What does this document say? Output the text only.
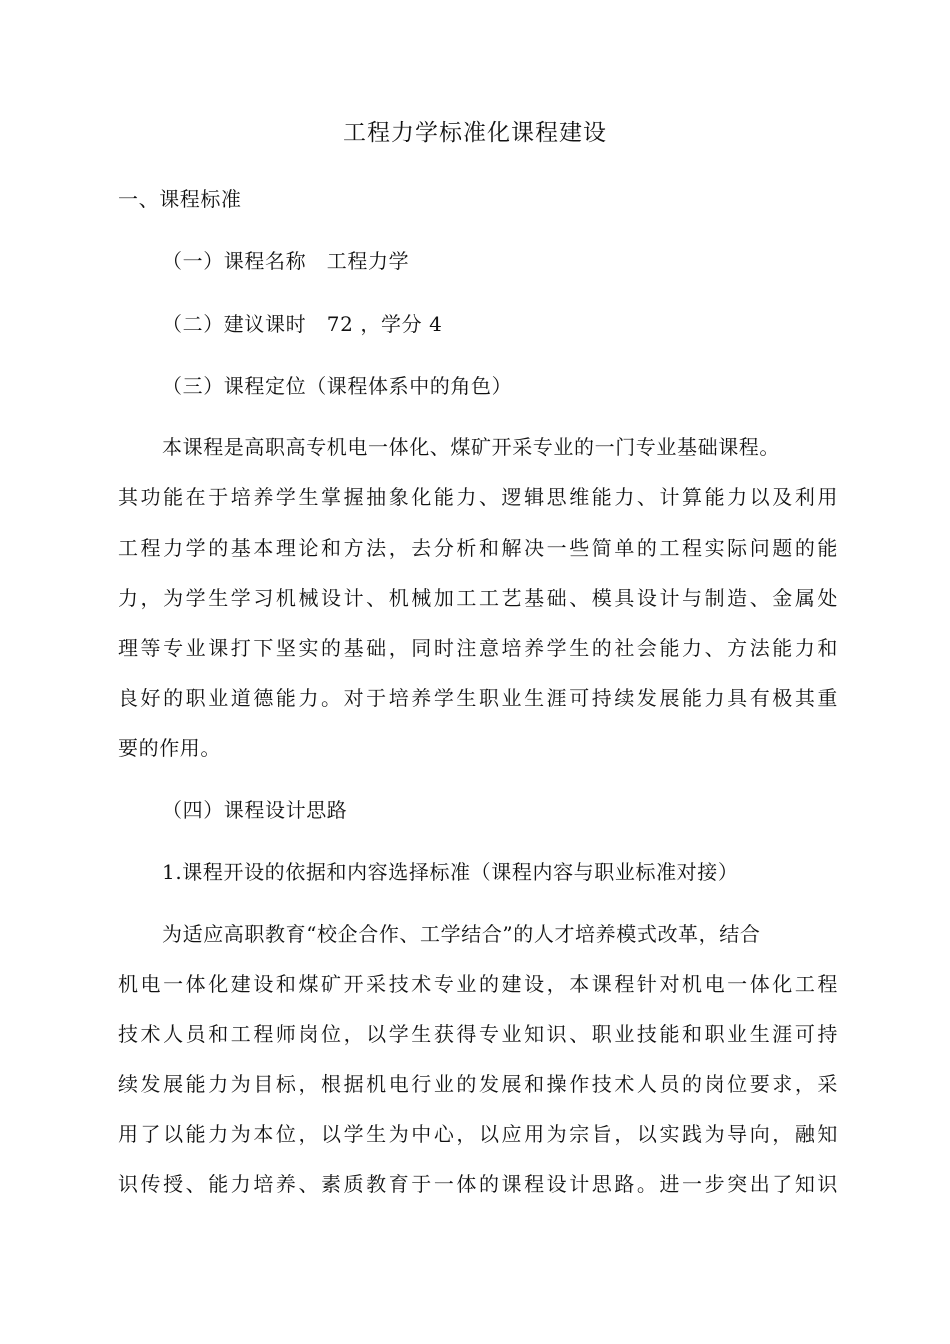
工程力学标准化课程建设
一、课程标准
（一）课程名称　工程力学
（二）建议课时　72 ，学分 4
（三）课程定位（课程体系中的角色）
本课程是高职高专机电一体化、煤矿开采专业的一门专业基础课程。
其功能在于培养学生掌握抽象化能力、逻辑思维能力、计算能力以及利用
工程力学的基本理论和方法，去分析和解决一些简单的工程实际问题的能
力，为学生学习机械设计、机械加工工艺基础、模具设计与制造、金属处
理等专业课打下坚实的基础，同时注意培养学生的社会能力、方法能力和
良好的职业道德能力。对于培养学生职业生涯可持续发展能力具有极其重
要的作用。
（四）课程设计思路
1.课程开设的依据和内容选择标准（课程内容与职业标准对接）
为适应高职教育“校企合作、工学结合”的人才培养模式改革，结合
机电一体化建设和煤矿开采技术专业的建设，本课程针对机电一体化工程
技术人员和工程师岗位，以学生获得专业知识、职业技能和职业生涯可持
续发展能力为目标，根据机电行业的发展和操作技术人员的岗位要求，采
用了以能力为本位，以学生为中心，以应用为宗旨，以实践为导向，融知
识传授、能力培养、素质教育于一体的课程设计思路。进一步突出了知识
